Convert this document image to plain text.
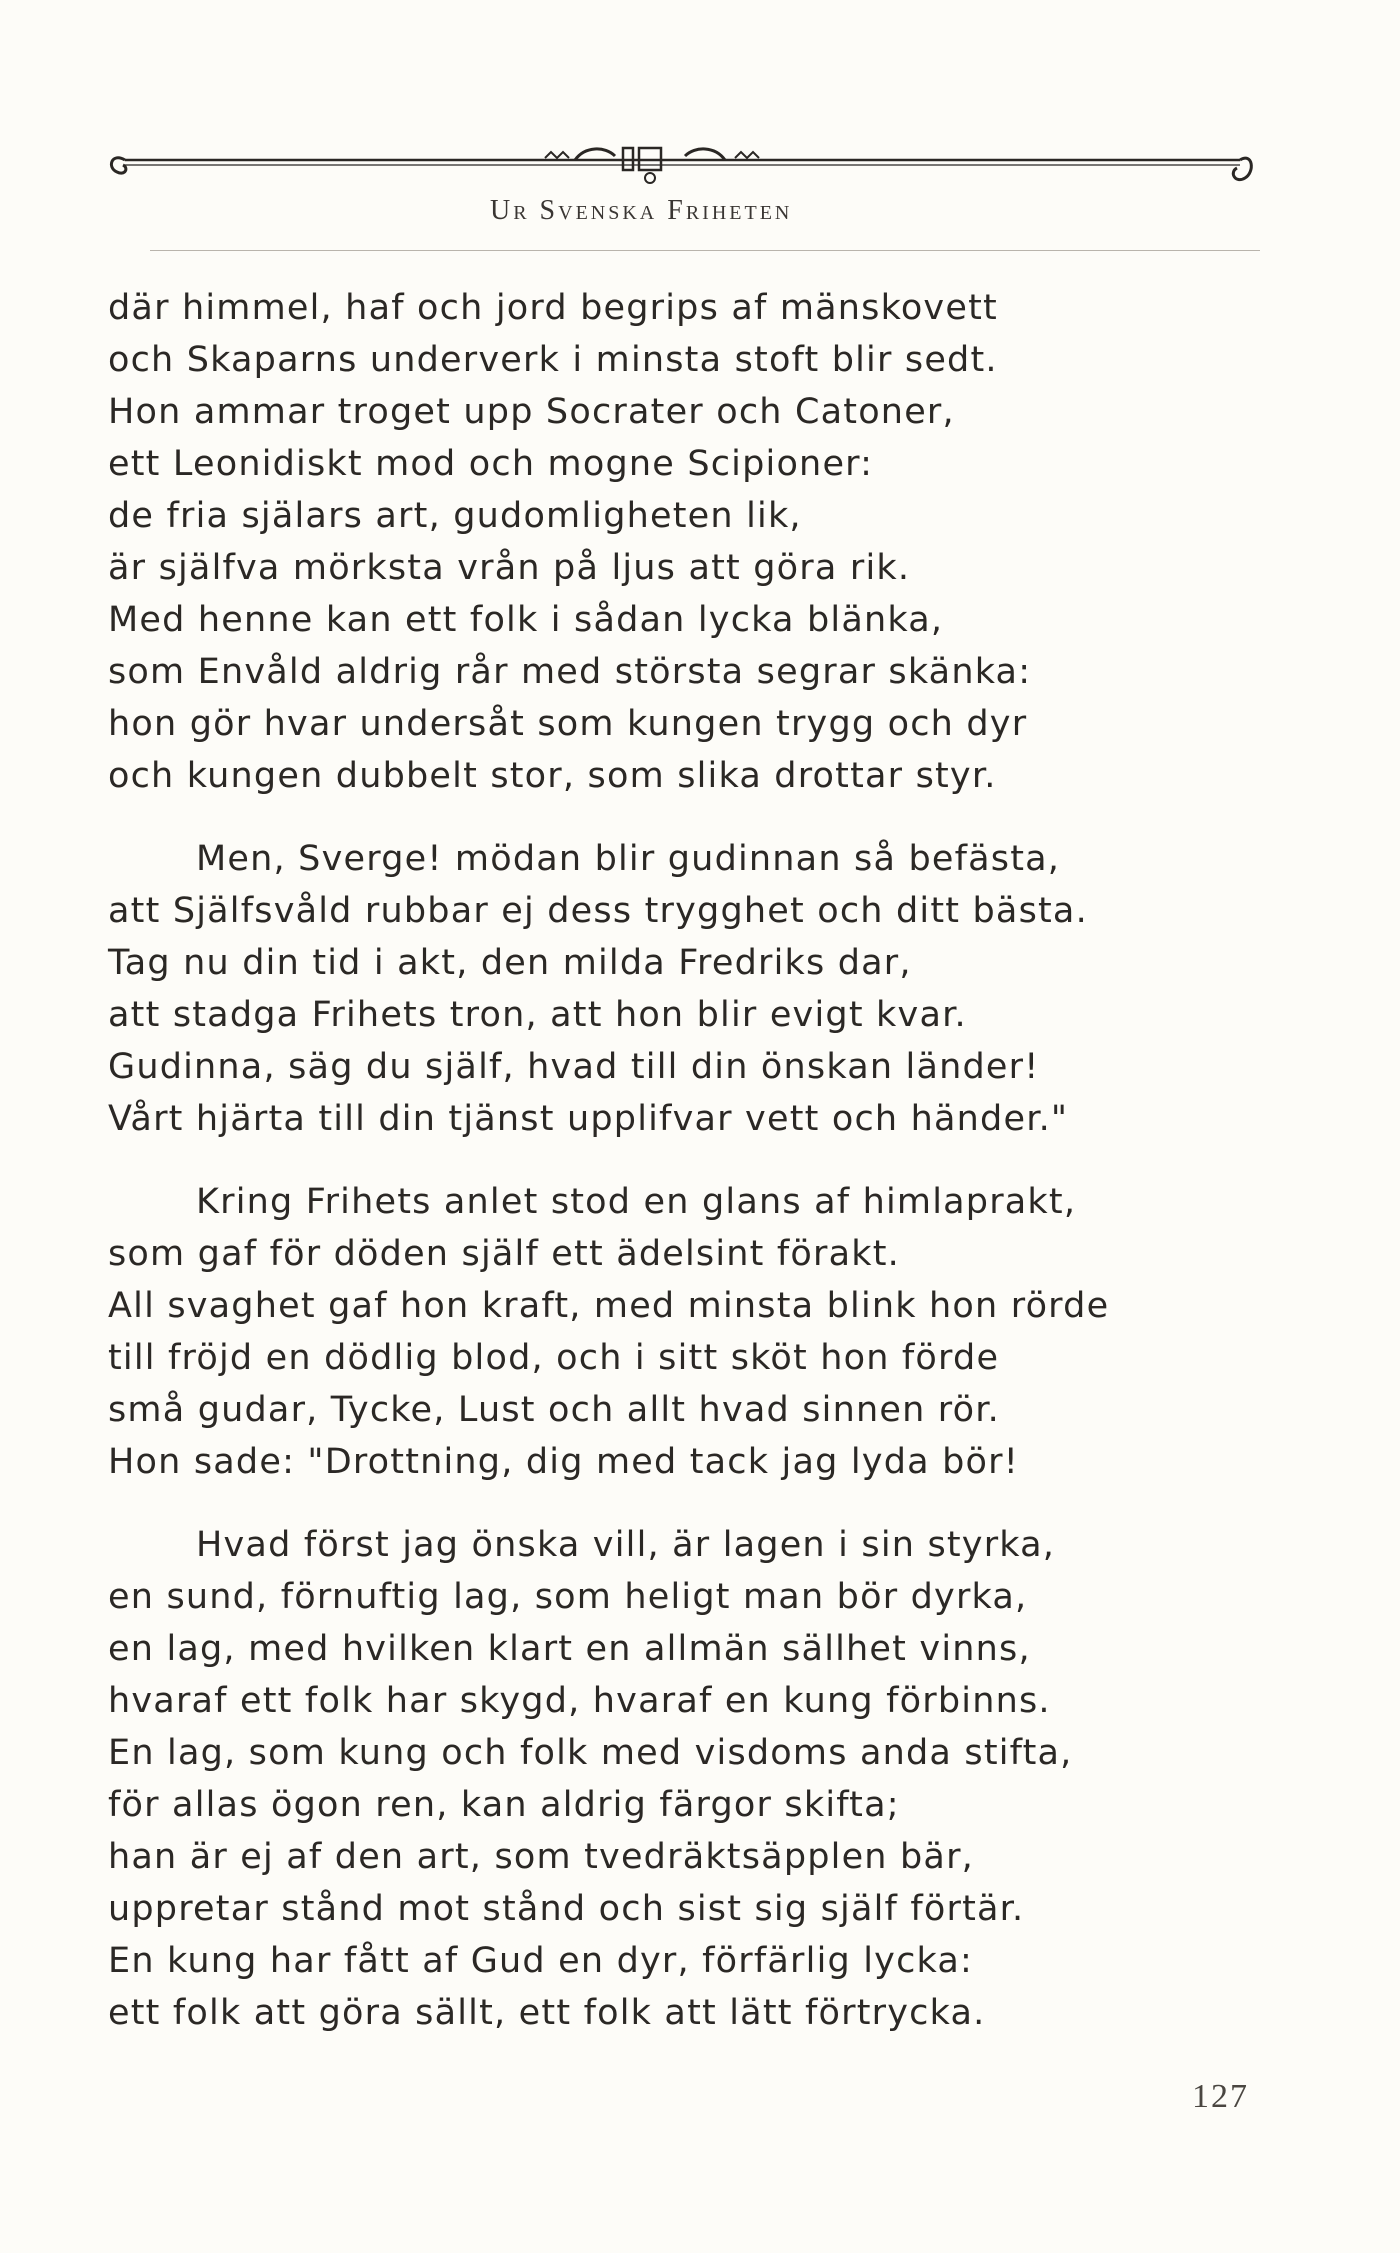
Ur Svenska Friheten
där himmel, haf och jord begrips af mänskovett
och Skaparns underverk i minsta stoft blir sedt.
Hon ammar troget upp Socrater och Catoner,
ett Leonidiskt mod och mogne Scipioner:
de fria själars art, gudomligheten lik,
är själfva mörksta vrån på ljus att göra rik.
Med henne kan ett folk i sådan lycka blänka,
som Envåld aldrig rår med största segrar skänka:
hon gör hvar undersåt som kungen trygg och dyr
och kungen dubbelt stor, som slika drottar styr.
Men, Sverge! mödan blir gudinnan så befästa,
att Själfsvåld rubbar ej dess trygghet och ditt bästa.
Tag nu din tid i akt, den milda Fredriks dar,
att stadga Frihets tron, att hon blir evigt kvar.
Gudinna, säg du själf, hvad till din önskan länder!
Vårt hjärta till din tjänst upplifvar vett och händer."
Kring Frihets anlet stod en glans af himlaprakt,
som gaf för döden själf ett ädelsint förakt.
All svaghet gaf hon kraft, med minsta blink hon rörde
till fröjd en dödlig blod, och i sitt sköt hon förde
små gudar, Tycke, Lust och allt hvad sinnen rör.
Hon sade: "Drottning, dig med tack jag lyda bör!
Hvad först jag önska vill, är lagen i sin styrka,
en sund, förnuftig lag, som heligt man bör dyrka,
en lag, med hvilken klart en allmän sällhet vinns,
hvaraf ett folk har skygd, hvaraf en kung förbinns.
En lag, som kung och folk med visdoms anda stifta,
för allas ögon ren, kan aldrig färgor skifta;
han är ej af den art, som tvedräktsäpplen bär,
uppretar stånd mot stånd och sist sig själf förtär.
En kung har fått af Gud en dyr, förfärlig lycka:
ett folk att göra sällt, ett folk att lätt förtrycka.
127
